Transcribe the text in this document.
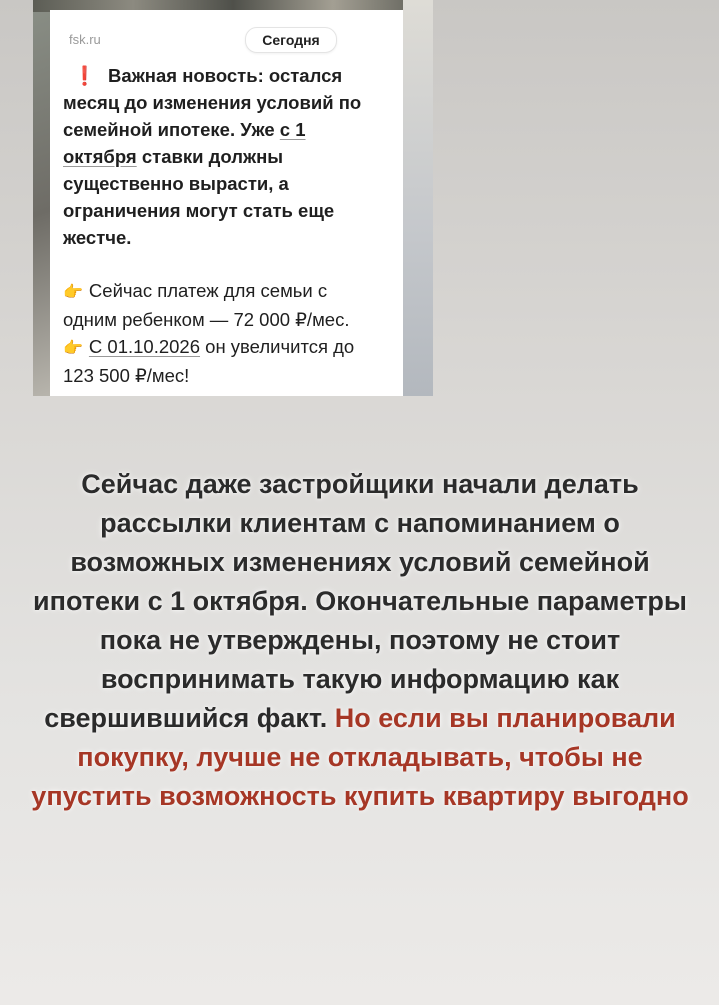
fsk.ru	Сегодня
❗ Важная новость: остался
месяц до изменения условий по
семейной ипотеке. Уже с 1
октября ставки должны
существенно вырасти, а
ограничения могут стать еще
жестче.
👉 Сейчас платеж для семьи с
одним ребенком — 72 000 ₽/мес.
👉 С 01.10.2026 он увеличится до
123 500 ₽/мес!
Сейчас даже застройщики начали делать рассылки клиентам с напоминанием о возможных изменениях условий семейной ипотеки с 1 октября. Окончательные параметры пока не утверждены, поэтому не стоит воспринимать такую информацию как свершившийся факт. Но если вы планировали покупку, лучше не откладывать, чтобы не упустить возможность купить квартиру выгодно
